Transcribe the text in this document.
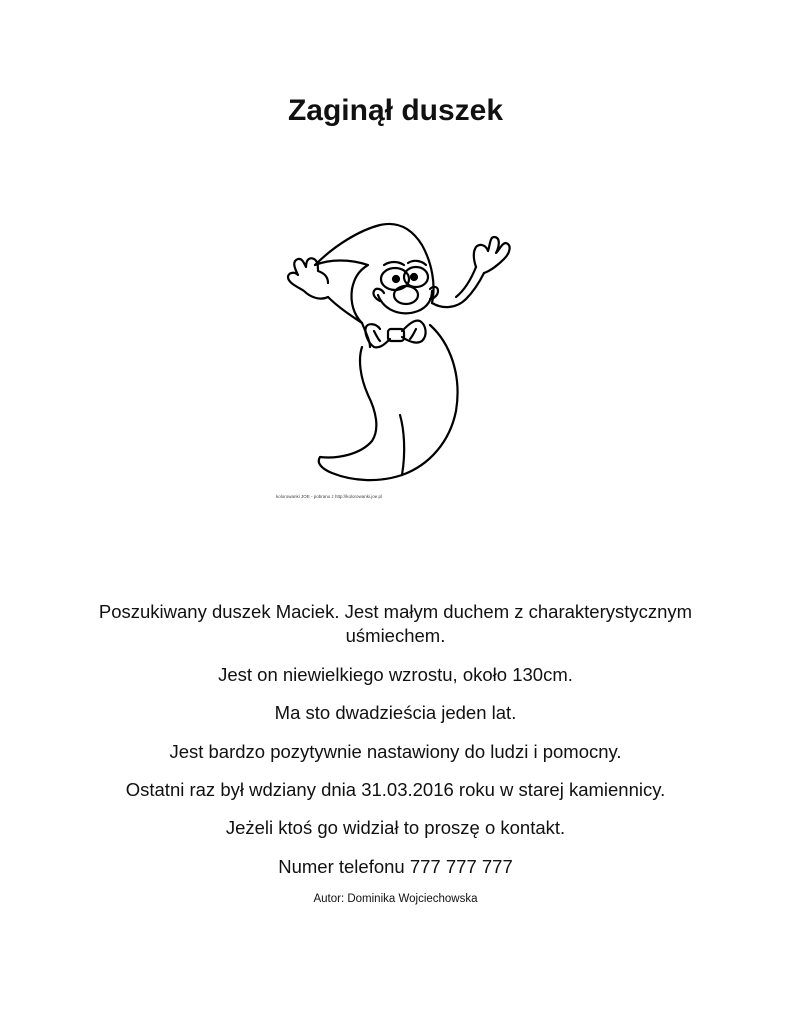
Zaginął duszek
kolorowanki JOE - pobrano z http://kolorowanki.joe.pl

Poszukiwany duszek Maciek. Jest małym duchem z charakterystycznym uśmiechem.

Jest on niewielkiego wzrostu, około 130cm.

Ma sto dwadzieścia jeden lat.

Jest bardzo pozytywnie nastawiony do ludzi i pomocny.

Ostatni raz był wdziany dnia 31.03.2016 roku w starej kamiennicy.

Jeżeli ktoś go widział to proszę o kontakt.

Numer telefonu 777 777 777

Autor: Dominika Wojciechowska
